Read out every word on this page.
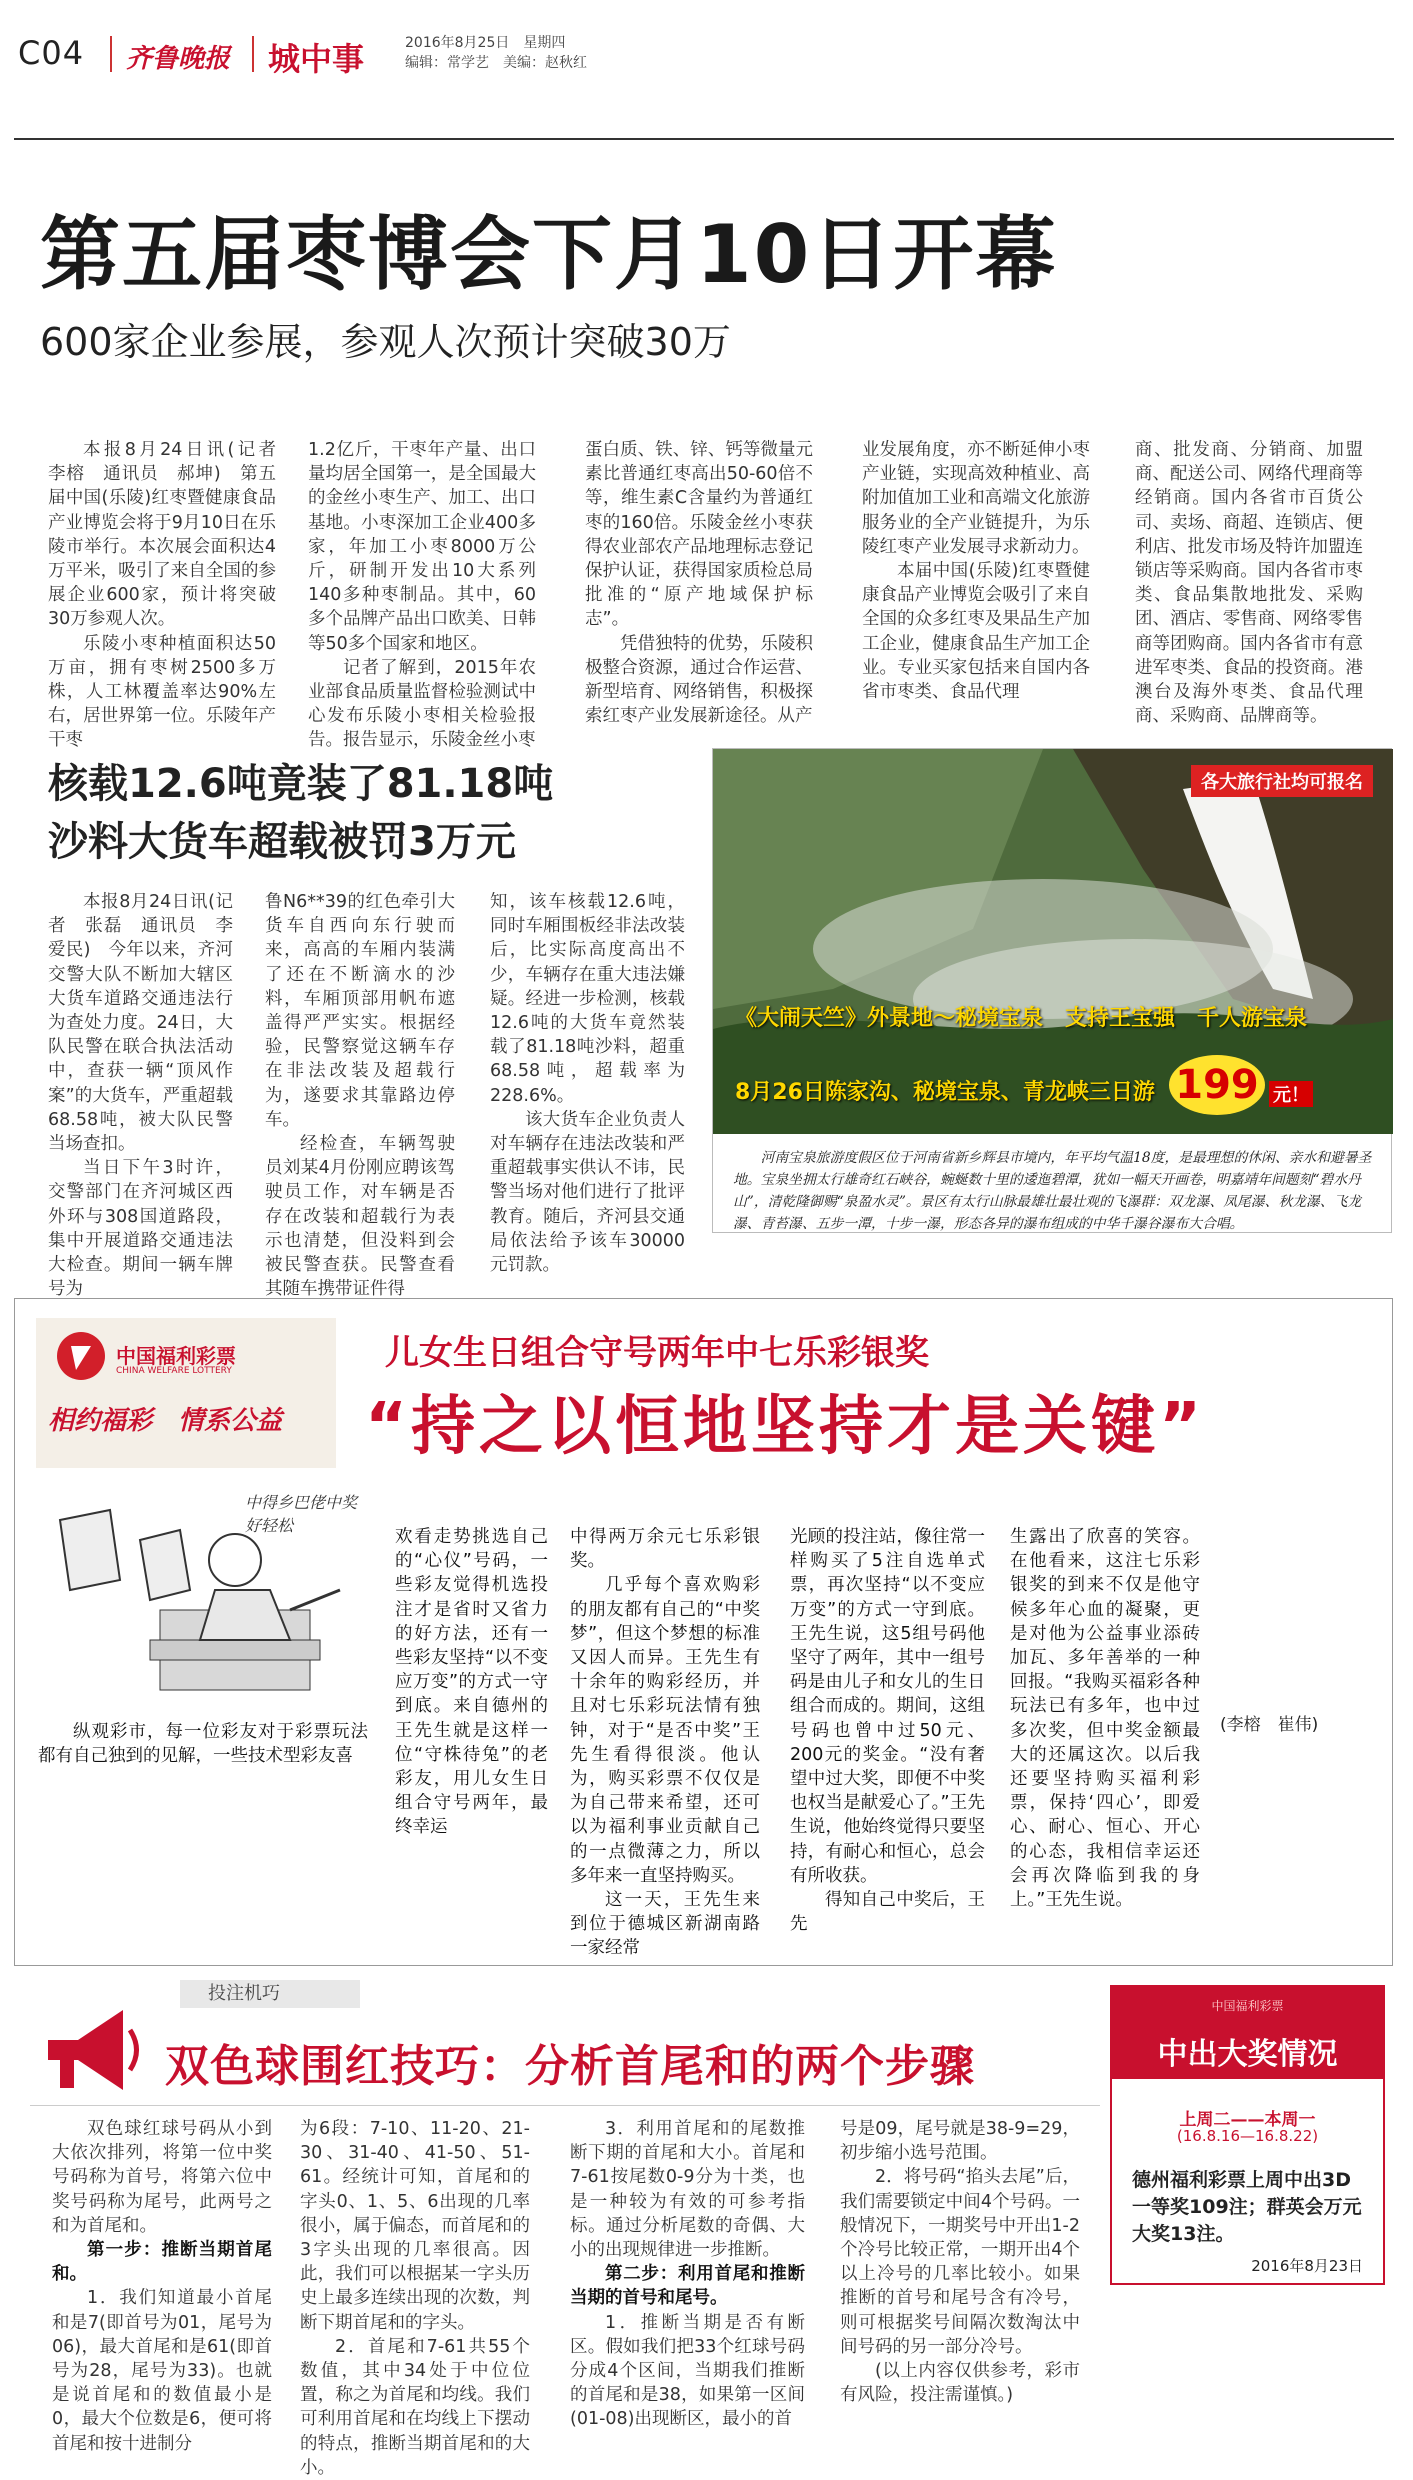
C04 齐鲁晚报 城中事	2016年8月25日　星期四
编辑：常学艺　美编：赵秋红
第五届枣博会下月10日开幕
600家企业参展，参观人次预计突破30万

本报8月24日讯(记者　李榕　通讯员　郝坤)　第五届中国(乐陵)红枣暨健康食品产业博览会将于9月10日在乐陵市举行。本次展会面积达4万平米，吸引了来自全国的参展企业600家，预计将突破30万参观人次。

乐陵小枣种植面积达50万亩，拥有枣树2500多万株，人工林覆盖率达90%左右，居世界第一位。乐陵年产干枣

1.2亿斤，干枣年产量、出口量均居全国第一，是全国最大的金丝小枣生产、加工、出口基地。小枣深加工企业400多家，年加工小枣8000万公斤，研制开发出10大系列140多种枣制品。其中，60多个品牌产品出口欧美、日韩等50多个国家和地区。

记者了解到，2015年农业部食品质量监督检验测试中心发布乐陵小枣相关检验报告。报告显示，乐陵金丝小枣

蛋白质、铁、锌、钙等微量元素比普通红枣高出50-60倍不等，维生素C含量约为普通红枣的160倍。乐陵金丝小枣获得农业部农产品地理标志登记保护认证，获得国家质检总局批准的“原产地域保护标志”。

凭借独特的优势，乐陵积极整合资源，通过合作运营、新型培育、网络销售，积极探索红枣产业发展新途径。从产

业发展角度，亦不断延伸小枣产业链，实现高效种植业、高附加值加工业和高端文化旅游服务业的全产业链提升，为乐陵红枣产业发展寻求新动力。

本届中国(乐陵)红枣暨健康食品产业博览会吸引了来自全国的众多红枣及果品生产加工企业，健康食品生产加工企业。专业买家包括来自国内各省市枣类、食品代理

商、批发商、分销商、加盟商、配送公司、网络代理商等经销商。国内各省市百货公司、卖场、商超、连锁店、便利店、批发市场及特许加盟连锁店等采购商。国内各省市枣类、食品集散地批发、采购团、酒店、零售商、网络零售商等团购商。国内各省市有意进军枣类、食品的投资商。港澳台及海外枣类、食品代理商、采购商、品牌商等。

核载12.6吨竟装了81.18吨
沙料大货车超载被罚3万元

本报8月24日讯(记者　张磊　通讯员　李爱民)　今年以来，齐河交警大队不断加大辖区大货车道路交通违法行为查处力度。24日，大队民警在联合执法活动中，查获一辆“顶风作案”的大货车，严重超载68.58吨，被大队民警当场查扣。

当日下午3时许，交警部门在齐河城区西外环与308国道路段，集中开展道路交通违法大检查。期间一辆车牌号为

鲁N6**39的红色牵引大货车自西向东行驶而来，高高的车厢内装满了还在不断滴水的沙料，车厢顶部用帆布遮盖得严严实实。根据经验，民警察觉这辆车存在非法改装及超载行为，遂要求其靠路边停车。

经检查，车辆驾驶员刘某4月份刚应聘该驾驶员工作，对车辆是否存在改装和超载行为表示也清楚，但没料到会被民警查获。民警查看其随车携带证件得

知，该车核载12.6吨，同时车厢围板经非法改装后，比实际高度高出不少，车辆存在重大违法嫌疑。经进一步检测，核载12.6吨的大货车竟然装载了81.18吨沙料，超重68.58吨，超载率为228.6%。

该大货车企业负责人对车辆存在违法改装和严重超载事实供认不讳，民警当场对他们进行了批评教育。随后，齐河县交通局依法给予该车30000元罚款。

各大旅行社均可报名
《大闹天竺》外景地～秘境宝泉　支持王宝强　千人游宝泉
8月26日陈家沟、秘境宝泉、青龙峡三日游 199 元！
河南宝泉旅游度假区位于河南省新乡辉县市境内，年平均气温18度，是最理想的休闲、亲水和避暑圣地。宝泉坐拥太行雄奇红石峡谷，蜿蜒数十里的逶迤碧潭，犹如一幅天开画卷，明嘉靖年间题刻“碧水丹山”，清乾隆御赐“泉盈水灵”。景区有太行山脉最雄壮最壮观的飞瀑群：双龙瀑、凤尾瀑、秋龙瀑、飞龙瀑、青苔瀑、五步一潭，十步一瀑，形态各异的瀑布组成的中华千瀑谷瀑布大合唱。
中国福利彩票
CHINA WELFARE LOTTERY
相约福彩　情系公益
儿女生日组合守号两年中七乐彩银奖
“持之以恒地坚持才是关键”
中得乡巴佬中奖好轻松

纵观彩市，每一位彩友对于彩票玩法都有自己独到的见解，一些技术型彩友喜

欢看走势挑选自己的“心仪”号码，一些彩友觉得机选投注才是省时又省力的好方法，还有一些彩友坚持“以不变应万变”的方式一守到底。来自德州的王先生就是这样一位“守株待兔”的老彩友，用儿女生日组合守号两年，最终幸运

中得两万余元七乐彩银奖。

几乎每个喜欢购彩的朋友都有自己的“中奖梦”，但这个梦想的标准又因人而异。王先生有十余年的购彩经历，并且对七乐彩玩法情有独钟，对于“是否中奖”王先生看得很淡。他认为，购买彩票不仅仅是为自己带来希望，还可以为福利事业贡献自己的一点微薄之力，所以多年来一直坚持购买。

这一天，王先生来到位于德城区新湖南路一家经常

光顾的投注站，像往常一样购买了5注自选单式票，再次坚持“以不变应万变”的方式一守到底。王先生说，这5组号码他坚守了两年，其中一组号码是由儿子和女儿的生日组合而成的。期间，这组号码也曾中过50元、200元的奖金。“没有奢望中过大奖，即便不中奖也权当是献爱心了。”王先生说，他始终觉得只要坚持，有耐心和恒心，总会有所收获。

得知自己中奖后，王先

生露出了欣喜的笑容。在他看来，这注七乐彩银奖的到来不仅是他守候多年心血的凝聚，更是对他为公益事业添砖加瓦、多年善举的一种回报。“我购买福彩各种玩法已有多年，也中过多次奖，但中奖金额最大的还属这次。以后我还要坚持购买福利彩票，保持‘四心’，即爱心、耐心、恒心、开心的心态，我相信幸运还会再次降临到我的身上。”王先生说。

(李榕　崔伟)
投注机巧
双色球围红技巧：分析首尾和的两个步骤

双色球红球号码从小到大依次排列，将第一位中奖号码称为首号，将第六位中奖号码称为尾号，此两号之和为首尾和。

第一步：推断当期首尾和。

1．我们知道最小首尾和是7(即首号为01，尾号为06)，最大首尾和是61(即首号为28，尾号为33)。也就是说首尾和的数值最小是0，最大个位数是6，便可将首尾和按十进制分

为6段：7-10、11-20、21-30、31-40、41-50、51-61。经统计可知，首尾和的字头0、1、5、6出现的几率很小，属于偏态，而首尾和的3字头出现的几率很高。因此，我们可以根据某一字头历史上最多连续出现的次数，判断下期首尾和的字头。

2．首尾和7-61共55个数值，其中34处于中位位置，称之为首尾和均线。我们可利用首尾和在均线上下摆动的特点，推断当期首尾和的大小。

3．利用首尾和的尾数推断下期的首尾和大小。首尾和7-61按尾数0-9分为十类，也是一种较为有效的可参考指标。通过分析尾数的奇偶、大小的出现规律进一步推断。

第二步：利用首尾和推断当期的首号和尾号。

1．推断当期是否有断区。假如我们把33个红球号码分成4个区间，当期我们推断的首尾和是38，如果第一区间(01-08)出现断区，最小的首

号是09，尾号就是38-9=29，初步缩小选号范围。

2．将号码“掐头去尾”后，我们需要锁定中间4个号码。一般情况下，一期奖号中开出1-2个冷号比较正常，一期开出4个以上冷号的几率比较小。如果推断的首号和尾号含有冷号，则可根据奖号间隔次数淘汰中间号码的另一部分冷号。

(以上内容仅供参考，彩市有风险，投注需谨慎。)

中国福利彩票
中出大奖情况
上周二——本周一
(16.8.16—16.8.22)
德州福利彩票上周中出3D一等奖109注；群英会万元大奖13注。
2016年8月23日
